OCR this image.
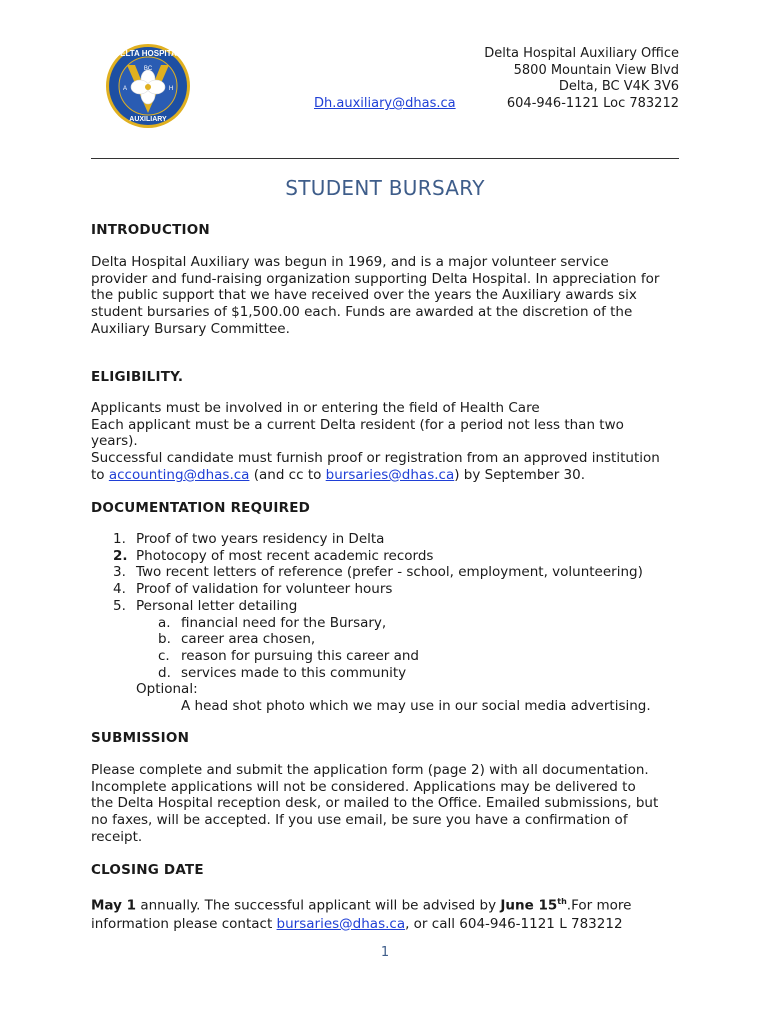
DELTA HOSPITAL
BC
A	H
AUXILIARY
Delta Hospital Auxiliary Office
5800 Mountain View Blvd
Delta, BC V4K 3V6
604-946-1121 Loc 783212
Dh.auxiliary@dhas.ca
STUDENT BURSARY
INTRODUCTION
Delta Hospital Auxiliary was begun in 1969, and is a major volunteer service
provider and fund-raising organization supporting Delta Hospital. In appreciation for
the public support that we have received over the years the Auxiliary awards six
student bursaries of $1,500.00 each. Funds are awarded at the discretion of the
Auxiliary Bursary Committee.
ELIGIBILITY.
Applicants must be involved in or entering the field of Health Care
Each applicant must be a current Delta resident (for a period not less than two
years).
Successful candidate must furnish proof or registration from an approved institution
to accounting@dhas.ca (and cc to bursaries@dhas.ca) by September 30.
DOCUMENTATION REQUIRED
1. Proof of two years residency in Delta
2. Photocopy of most recent academic records
3. Two recent letters of reference (prefer - school, employment, volunteering)
4. Proof of validation for volunteer hours
5. Personal letter detailing
a. financial need for the Bursary,
b. career area chosen,
c. reason for pursuing this career and
d. services made to this community
Optional:
A head shot photo which we may use in our social media advertising.
SUBMISSION
Please complete and submit the application form (page 2) with all documentation.
Incomplete applications will not be considered. Applications may be delivered to
the Delta Hospital reception desk, or mailed to the Office. Emailed submissions, but
no faxes, will be accepted. If you use email, be sure you have a confirmation of
receipt.
CLOSING DATE
May 1 annually. The successful applicant will be advised by June 15th.For more
information please contact bursaries@dhas.ca, or call 604-946-1121 L 783212
1
